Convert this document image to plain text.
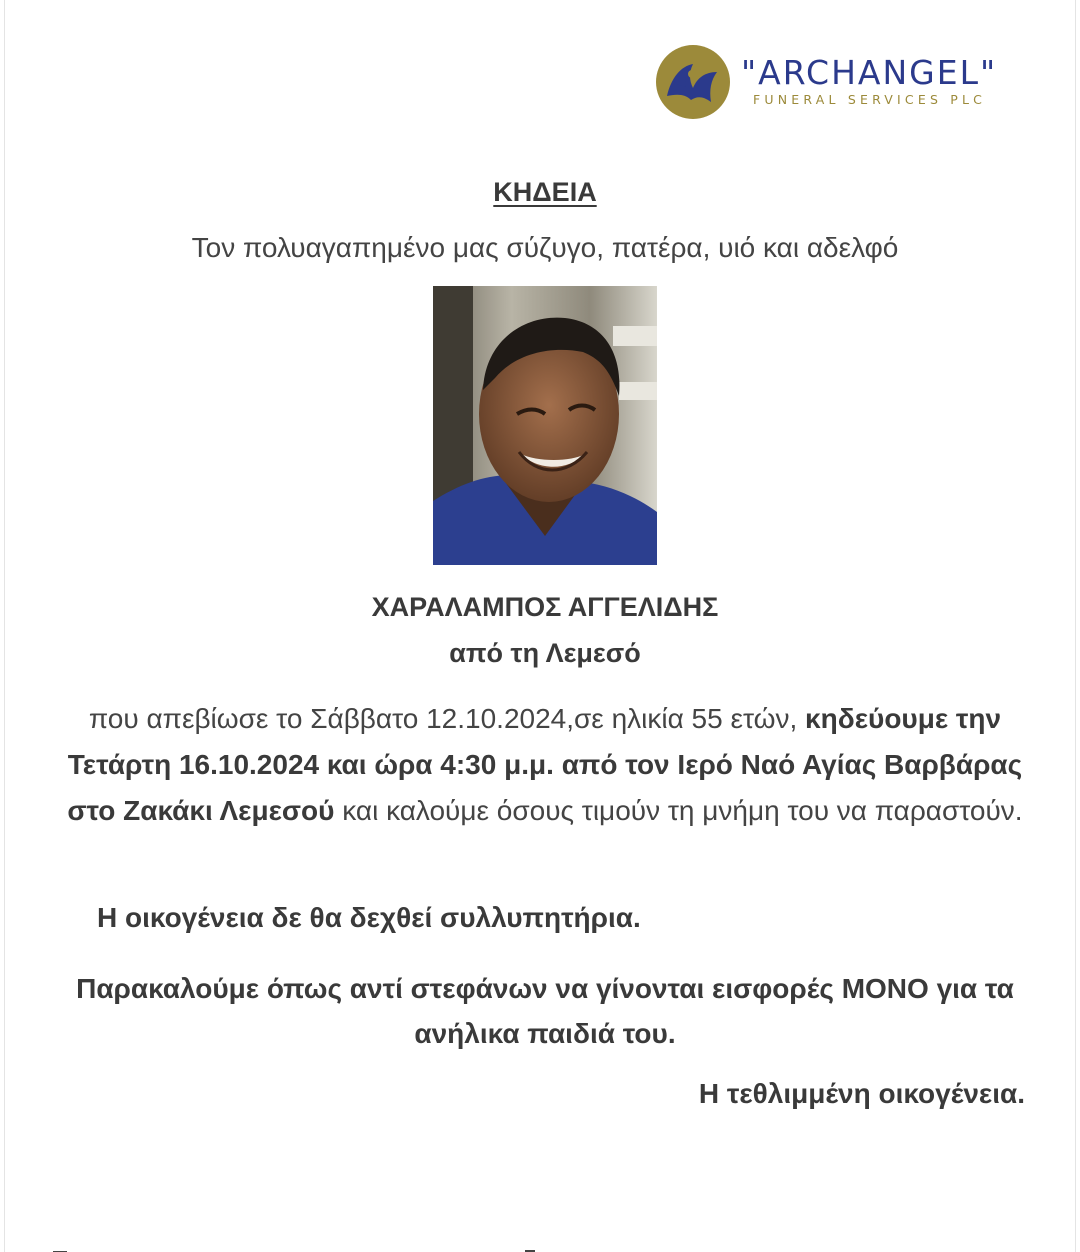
"ARCHANGEL"
FUNERAL SERVICES PLC
ΚΗΔΕΙΑ
Τον πολυαγαπημένο μας σύζυγο, πατέρα, υιό και αδελφό
ΧΑΡΑΛΑΜΠΟΣ ΑΓΓΕΛΙΔΗΣ
από τη Λεμεσό
που απεβίωσε το Σάββατο 12.10.2024,σε ηλικία 55 ετών, κηδεύουμε την Τετάρτη 16.10.2024 και ώρα 4:30 μ.μ. από τον Ιερό Ναό Αγίας Βαρβάρας στο Ζακάκι Λεμεσού και καλούμε όσους τιμούν τη μνήμη του να παραστούν.
Η οικογένεια δε θα δεχθεί συλλυπητήρια.
Παρακαλούμε όπως αντί στεφάνων να γίνονται εισφορές ΜΟΝΟ για τα ανήλικα παιδιά του.
Η τεθλιμμένη οικογένεια.
